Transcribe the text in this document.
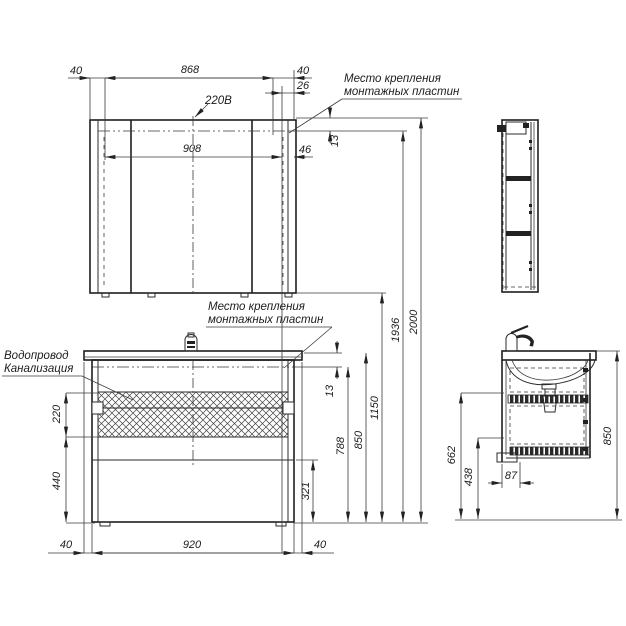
220В
Место крепления
монтажных пластин
Место крепления
монтажных пластин
Водопровод
Канализация
40	868	40
26
908	46
13
321
13
788 850
1150
1936 2000
220
440
40	920	40
662
438	87
850
